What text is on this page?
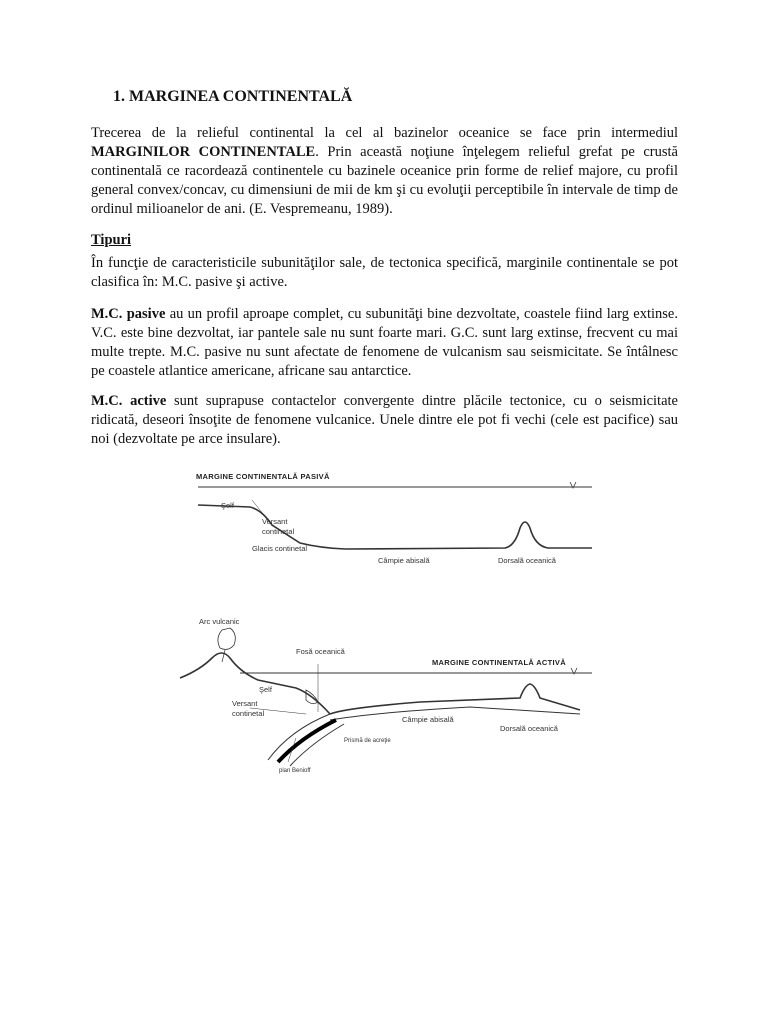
1. MARGINEA CONTINENTALĂ

Trecerea de la relieful continental la cel al bazinelor oceanice se face prin intermediul MARGINILOR CONTINENTALE. Prin această noţiune înţelegem relieful grefat pe crustă continentală ce racordează continentele cu bazinele oceanice prin forme de relief majore, cu profil general convex/concav, cu dimensiuni de mii de km şi cu evoluţii perceptibile în intervale de timp de ordinul milioanelor de ani. (E. Vespremeanu, 1989).

Tipuri

În funcţie de caracteristicile subunităţilor sale, de tectonica specifică, marginile continentale se pot clasifica în: M.C. pasive şi active.

M.C. pasive au un profil aproape complet, cu subunităţi bine dezvoltate, coastele fiind larg extinse. V.C. este bine dezvoltat, iar pantele sale nu sunt foarte mari. G.C. sunt larg extinse, frecvent cu mai multe trepte. M.C. pasive nu sunt afectate de fenomene de vulcanism sau seismicitate. Se întâlnesc pe coastele atlantice americane, africane sau antarctice.

M.C. active sunt suprapuse contactelor convergente dintre plăcile tectonice, cu o seismicitate ridicată, deseori însoţite de fenomene vulcanice. Unele dintre ele pot fi vechi (cele est pacifice) sau noi (dezvoltate pe arce insulare).

MARGINE CONTINENTALĂ PASIVĂ
Şelf
Versant
continetal
Glacis continetal
Câmpie abisală	Dorsală oceanică
MARGINE CONTINENTALĂ ACTIVĂ
Arc vulcanic
Fosă oceanică
Şelf
Versant
continetal
Câmpie abisală
Dorsală oceanică
Prismă de acreţie
plan Benioff
